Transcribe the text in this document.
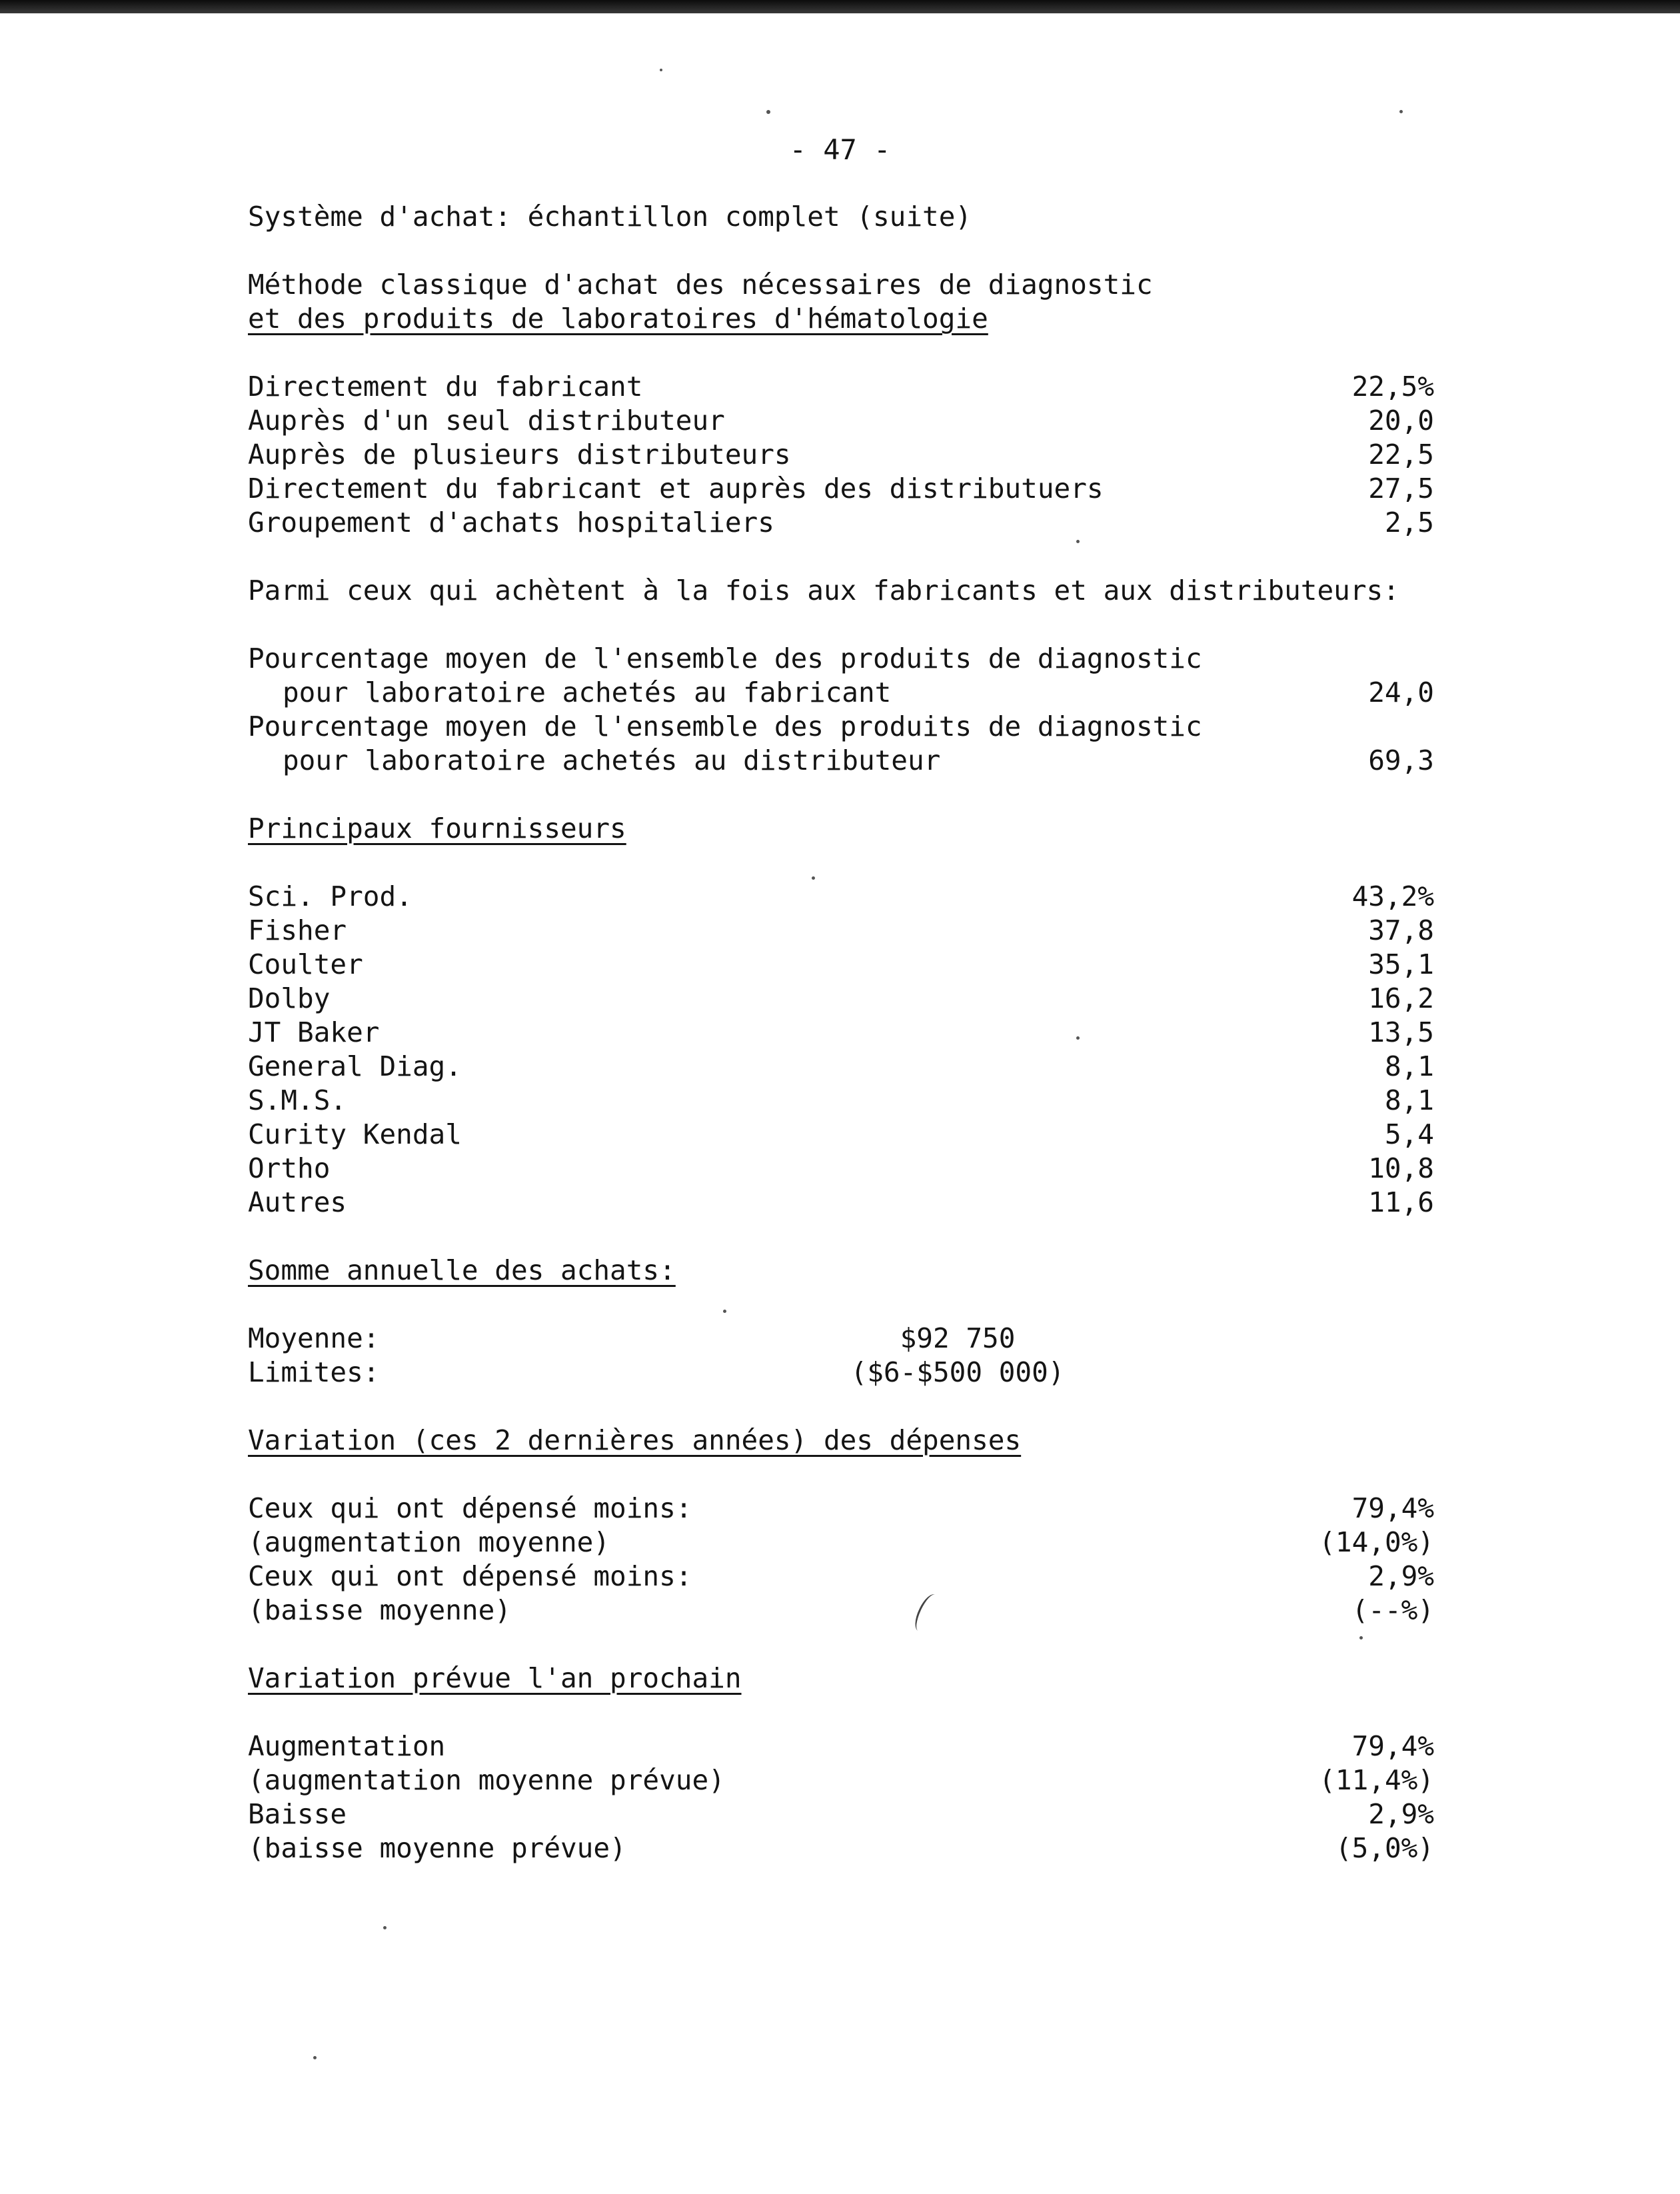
- 47 -
Système d'achat: échantillon complet (suite)
Méthode classique d'achat des nécessaires de diagnostic
et des produits de laboratoires d'hématologie
Directement du fabricant	22,5%
Auprès d'un seul distributeur	20,0
Auprès de plusieurs distributeurs	22,5
Directement du fabricant et auprès des distributuers	27,5
Groupement d'achats hospitaliers	2,5
Parmi ceux qui achètent à la fois aux fabricants et aux distributeurs:
Pourcentage moyen de l'ensemble des produits de diagnostic
pour laboratoire achetés au fabricant	24,0
Pourcentage moyen de l'ensemble des produits de diagnostic
pour laboratoire achetés au distributeur	69,3
Principaux fournisseurs
Sci. Prod.	43,2%
Fisher	37,8
Coulter	35,1
Dolby	16,2
JT Baker	13,5
General Diag.	8,1
S.M.S.	8,1
Curity Kendal	5,4
Ortho	10,8
Autres	11,6
Somme annuelle des achats:
Moyenne:	$92 750
Limites:	($6-$500 000)
Variation (ces 2 dernières années) des dépenses
Ceux qui ont dépensé moins:	79,4%
(augmentation moyenne)	(14,0%)
Ceux qui ont dépensé moins:	2,9%
(baisse moyenne)	(--%)
Variation prévue l'an prochain
Augmentation	79,4%
(augmentation moyenne prévue)	(11,4%)
Baisse	2,9%
(baisse moyenne prévue)	(5,0%)
